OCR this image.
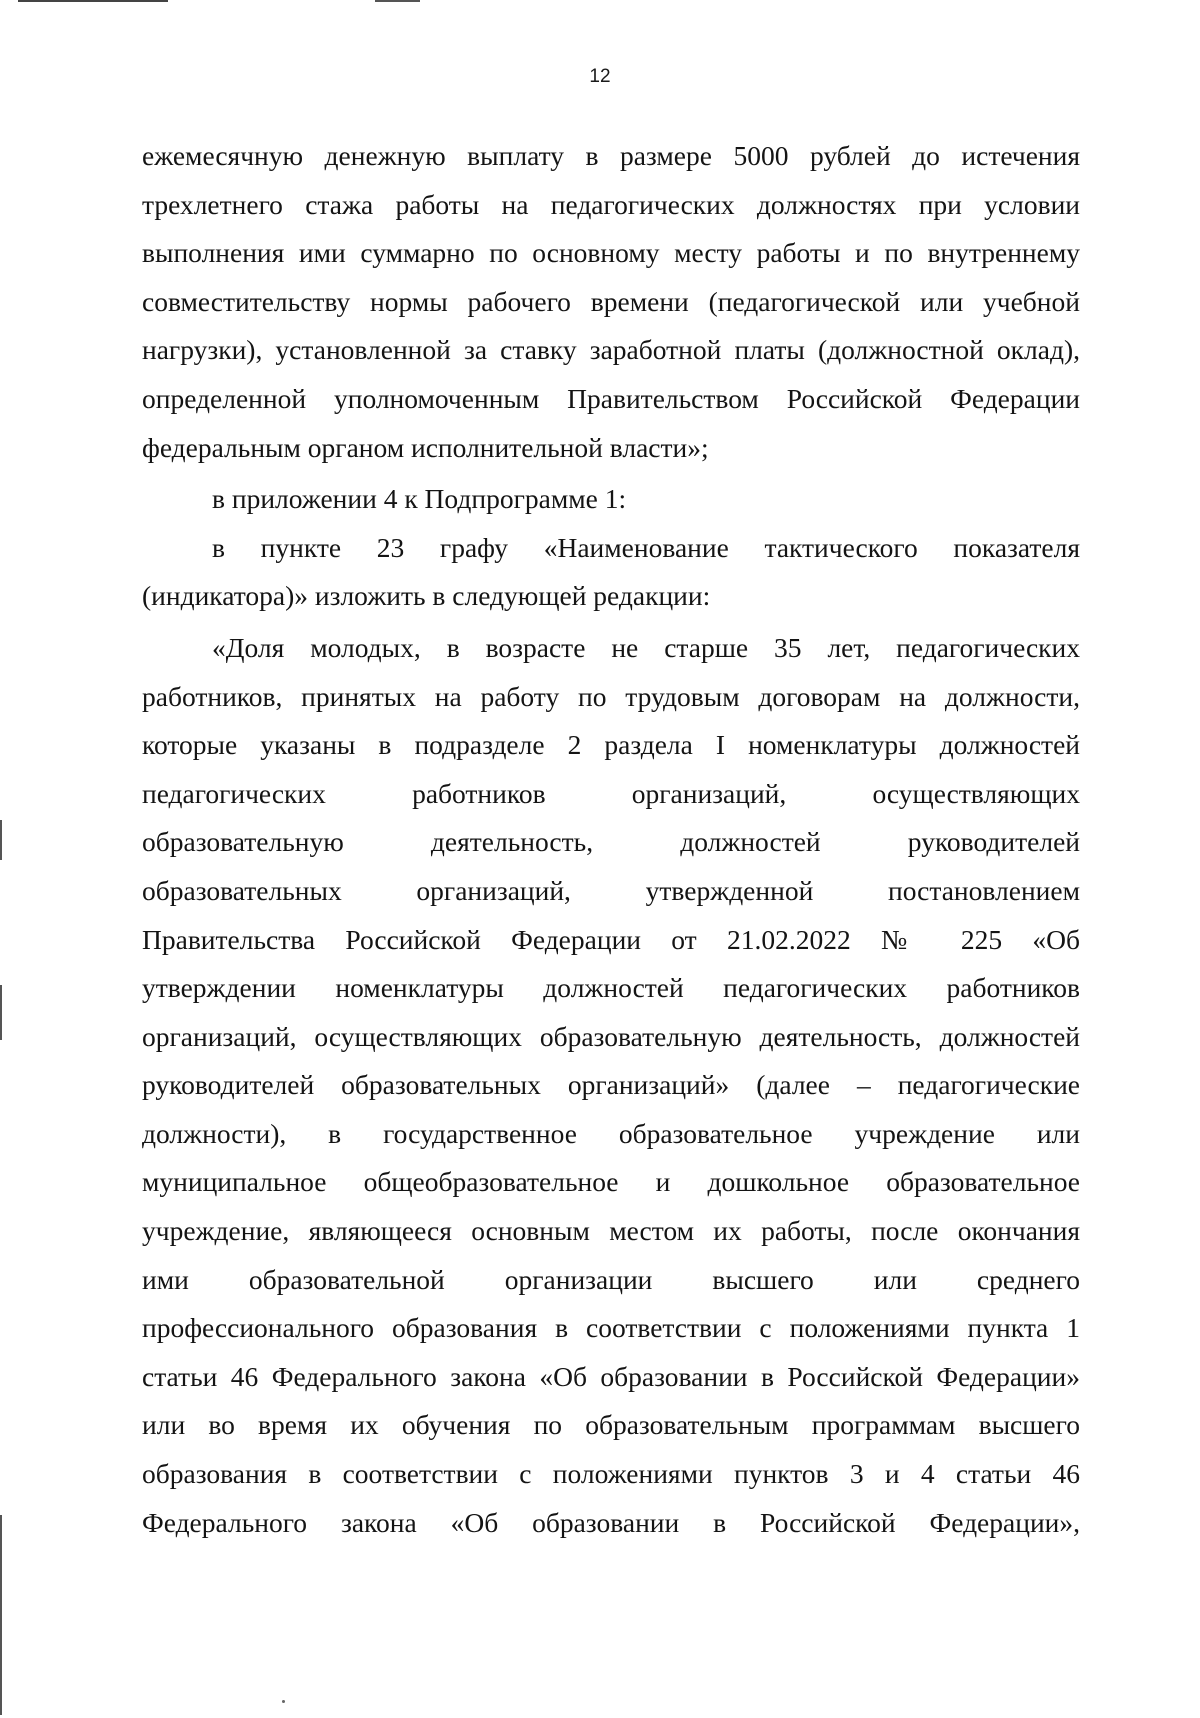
12

ежемесячную денежную выплату в размере 5000 рублей до истечения

трехлетнего стажа работы на педагогических должностях при условии

выполнения ими суммарно по основному месту работы и по внутреннему

совместительству нормы рабочего времени (педагогической или учебной

нагрузки), установленной за ставку заработной платы (должностной оклад),

определенной уполномоченным Правительством Российской Федерации

федеральным органом исполнительной власти»;

в приложении 4 к Подпрограмме 1:

в пункте 23 графу «Наименование тактического показателя

(индикатора)» изложить в следующей редакции:

«Доля молодых, в возрасте не старше 35 лет, педагогических

работников, принятых на работу по трудовым договорам на должности,

которые указаны в подразделе 2 раздела I номенклатуры должностей

педагогических работников организаций, осуществляющих

образовательную деятельность, должностей руководителей

образовательных организаций, утвержденной постановлением

Правительства Российской Федерации от 21.02.2022 № 225 «Об

утверждении номенклатуры должностей педагогических работников

организаций, осуществляющих образовательную деятельность, должностей

руководителей образовательных организаций» (далее – педагогические

должности), в государственное образовательное учреждение или

муниципальное общеобразовательное и дошкольное образовательное

учреждение, являющееся основным местом их работы, после окончания

ими образовательной организации высшего или среднего

профессионального образования в соответствии с положениями пункта 1

статьи 46 Федерального закона «Об образовании в Российской Федерации»

или во время их обучения по образовательным программам высшего

образования в соответствии с положениями пунктов 3 и 4 статьи 46

Федерального закона «Об образовании в Российской Федерации»,
